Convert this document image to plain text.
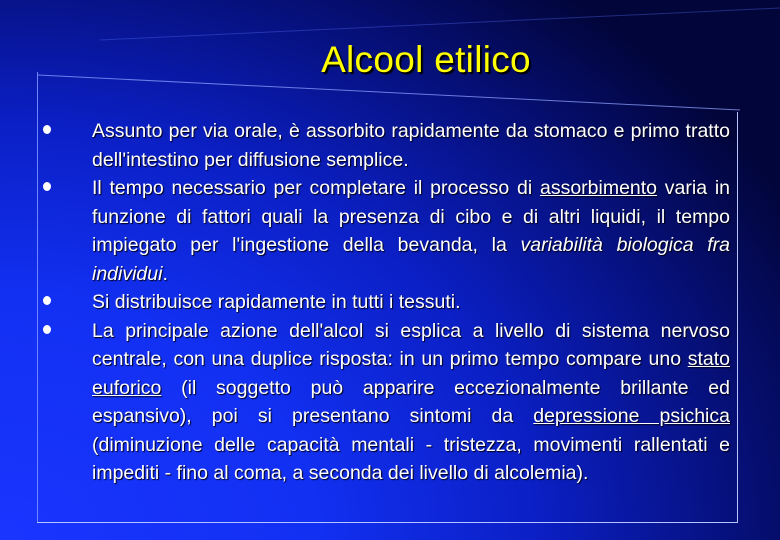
Alcool etilico
Assunto per via orale, è assorbito rapidamente da stomaco e primo tratto dell'intestino per diffusione semplice.
Il tempo necessario per completare il processo di assorbimento varia in funzione di fattori quali la presenza di cibo e di altri liquidi, il tempo impiegato per l'ingestione della bevanda, la variabilità biologica fra individui.
Si distribuisce rapidamente in tutti i tessuti.
La principale azione dell'alcol si esplica a livello di sistema nervoso centrale, con una duplice risposta: in un primo tempo compare uno stato euforico (il soggetto può apparire eccezionalmente brillante ed espansivo), poi si presentano sintomi da depressione psichica (diminuzione delle capacità mentali - tristezza, movimenti rallentati e impediti - fino al coma, a seconda dei livello di alcolemia).
